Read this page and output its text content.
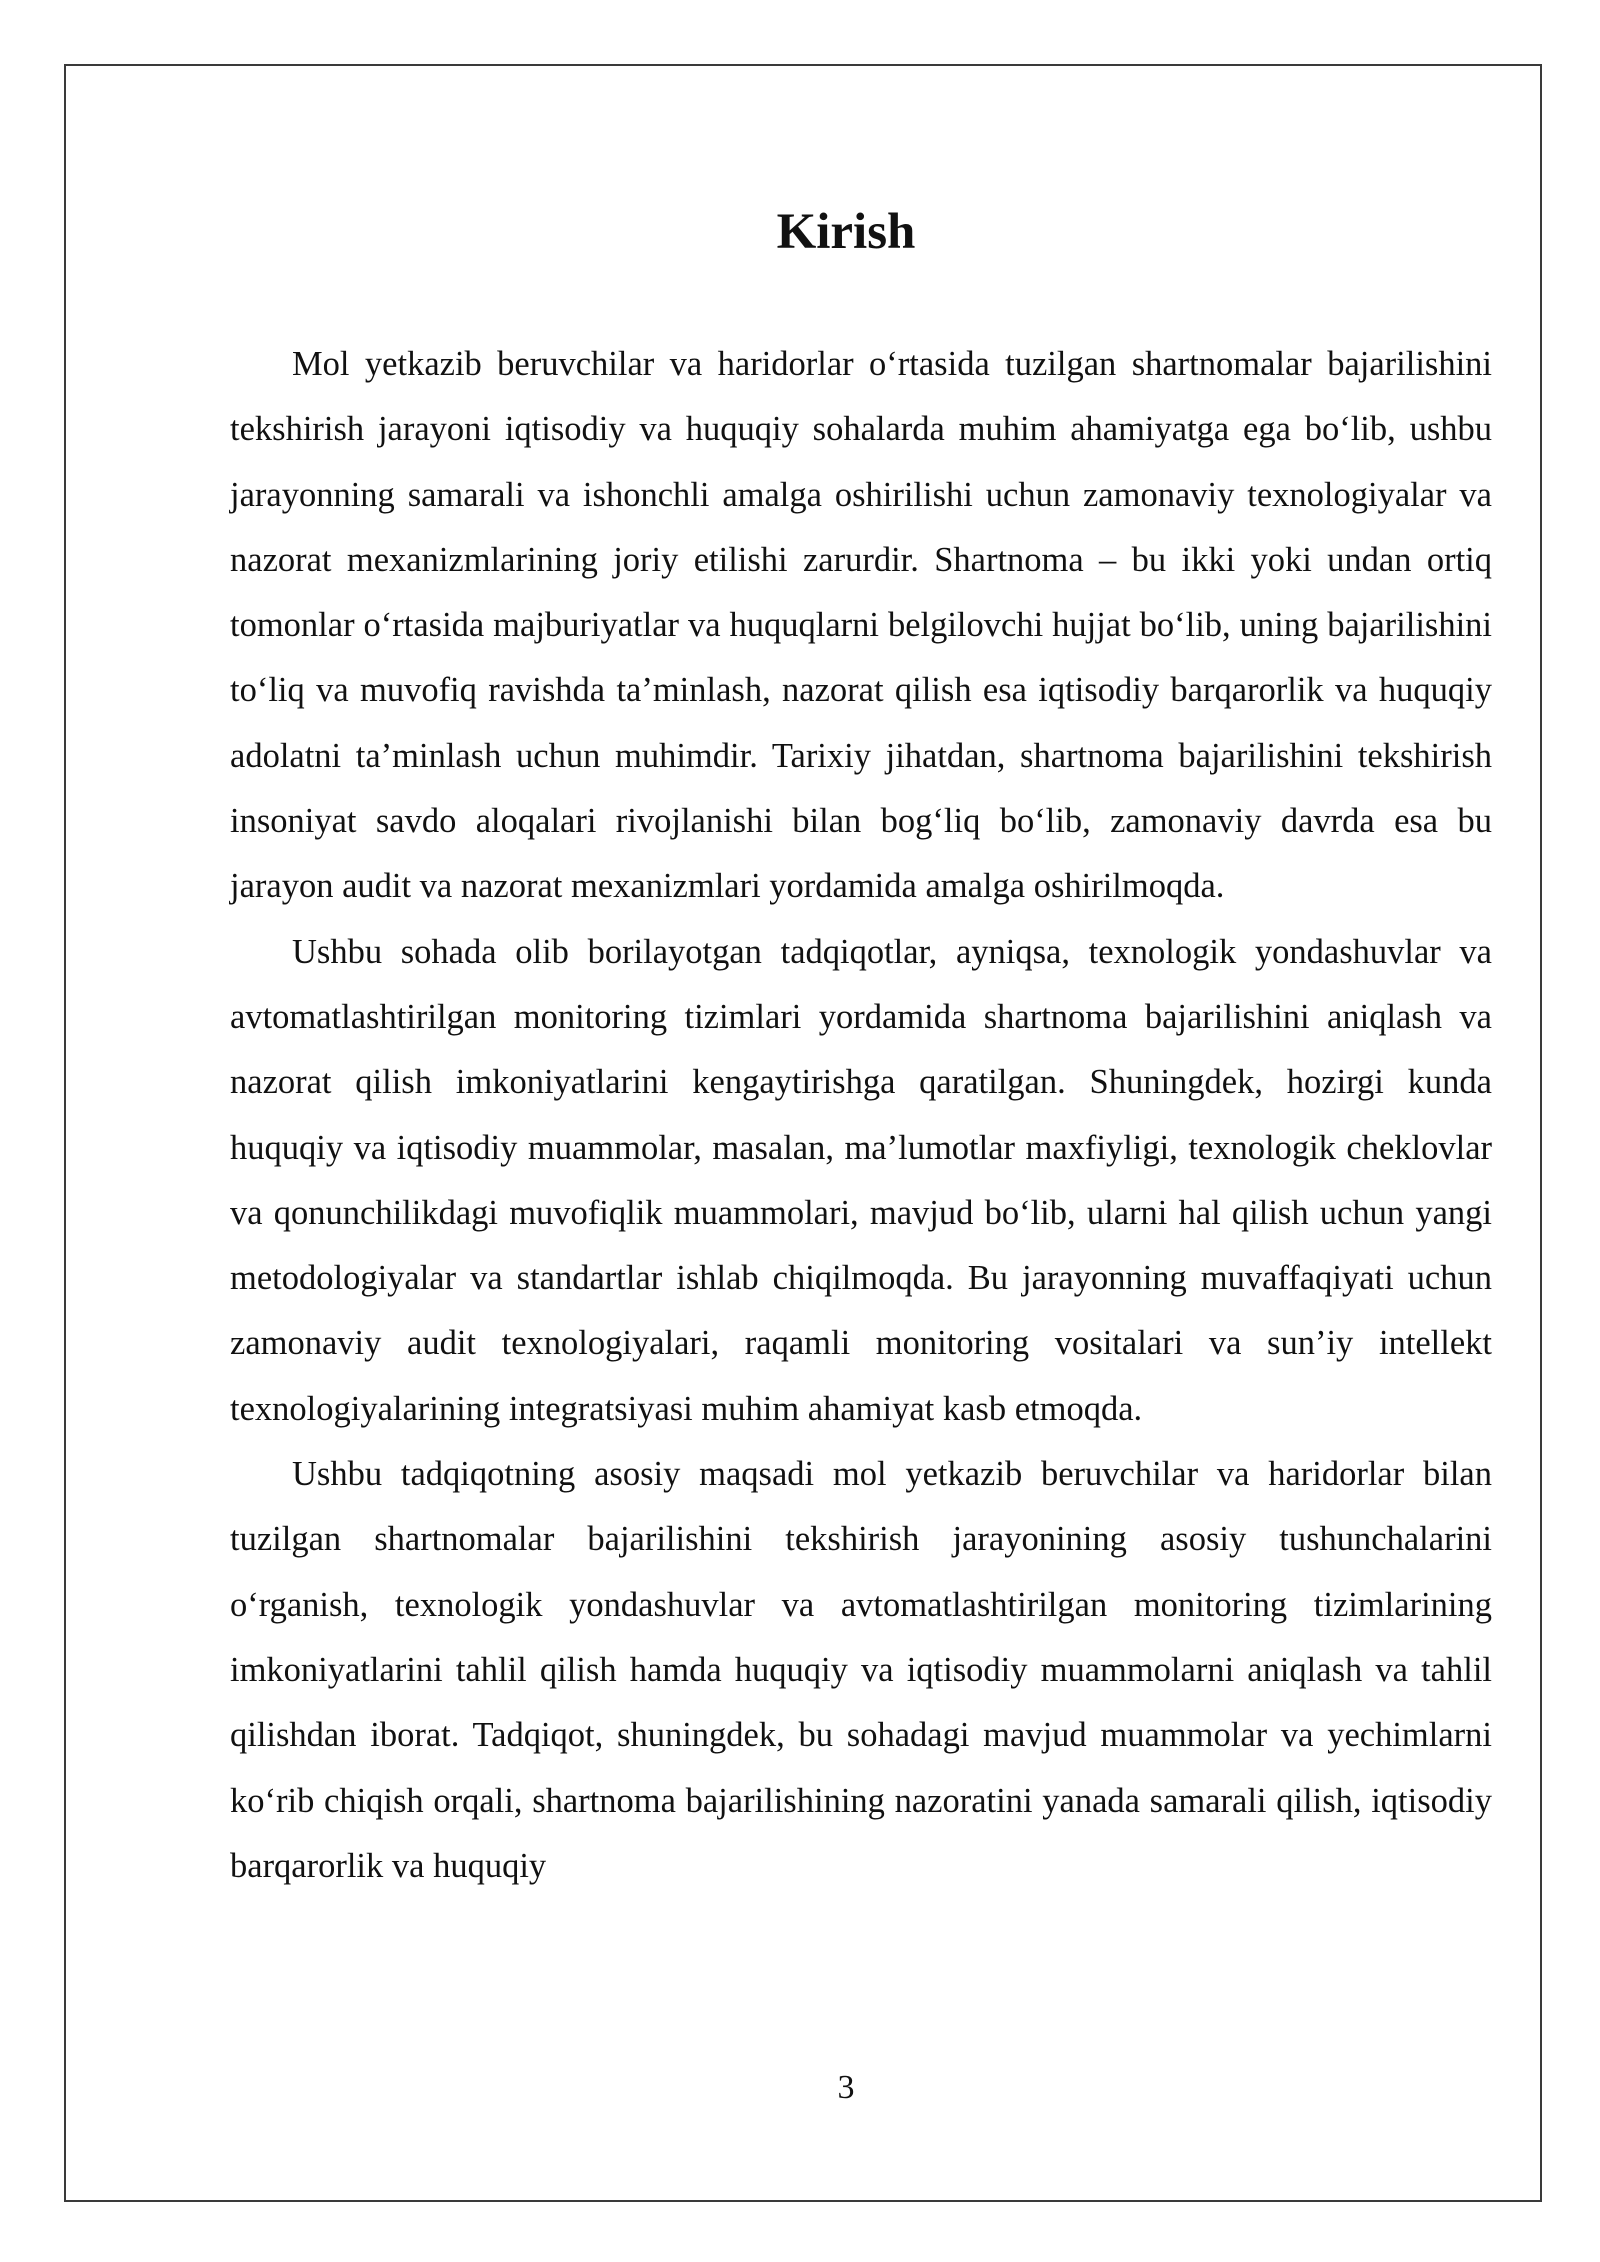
Kirish

Mol yetkazib beruvchilar va haridorlar o‘rtasida tuzilgan shartnomalar bajarilishini tekshirish jarayoni iqtisodiy va huquqiy sohalarda muhim ahamiyatga ega bo‘lib, ushbu jarayonning samarali va ishonchli amalga oshirilishi uchun zamonaviy texnologiyalar va nazorat mexanizmlarining joriy etilishi zarurdir. Shartnoma – bu ikki yoki undan ortiq tomonlar o‘rtasida majburiyatlar va huquqlarni belgilovchi hujjat bo‘lib, uning bajarilishini to‘liq va muvofiq ravishda ta’minlash, nazorat qilish esa iqtisodiy barqarorlik va huquqiy adolatni ta’minlash uchun muhimdir. Tarixiy jihatdan, shartnoma bajarilishini tekshirish insoniyat savdo aloqalari rivojlanishi bilan bog‘liq bo‘lib, zamonaviy davrda esa bu jarayon audit va nazorat mexanizmlari yordamida amalga oshirilmoqda.

Ushbu sohada olib borilayotgan tadqiqotlar, ayniqsa, texnologik yondashuvlar va avtomatlashtirilgan monitoring tizimlari yordamida shartnoma bajarilishini aniqlash va nazorat qilish imkoniyatlarini kengaytirishga qaratilgan. Shuningdek, hozirgi kunda huquqiy va iqtisodiy muammolar, masalan, ma’lumotlar maxfiyligi, texnologik cheklovlar va qonunchilikdagi muvofiqlik muammolari, mavjud bo‘lib, ularni hal qilish uchun yangi metodologiyalar va standartlar ishlab chiqilmoqda. Bu jarayonning muvaffaqiyati uchun zamonaviy audit texnologiyalari, raqamli monitoring vositalari va sun’iy intellekt texnologiyalarining integratsiyasi muhim ahamiyat kasb etmoqda.

Ushbu tadqiqotning asosiy maqsadi mol yetkazib beruvchilar va haridorlar bilan tuzilgan shartnomalar bajarilishini tekshirish jarayonining asosiy tushunchalarini o‘rganish, texnologik yondashuvlar va avtomatlashtirilgan monitoring tizimlarining imkoniyatlarini tahlil qilish hamda huquqiy va iqtisodiy muammolarni aniqlash va tahlil qilishdan iborat. Tadqiqot, shuningdek, bu sohadagi mavjud muammolar va yechimlarni ko‘rib chiqish orqali, shartnoma bajarilishining nazoratini yanada samarali qilish, iqtisodiy barqarorlik va huquqiy

3
